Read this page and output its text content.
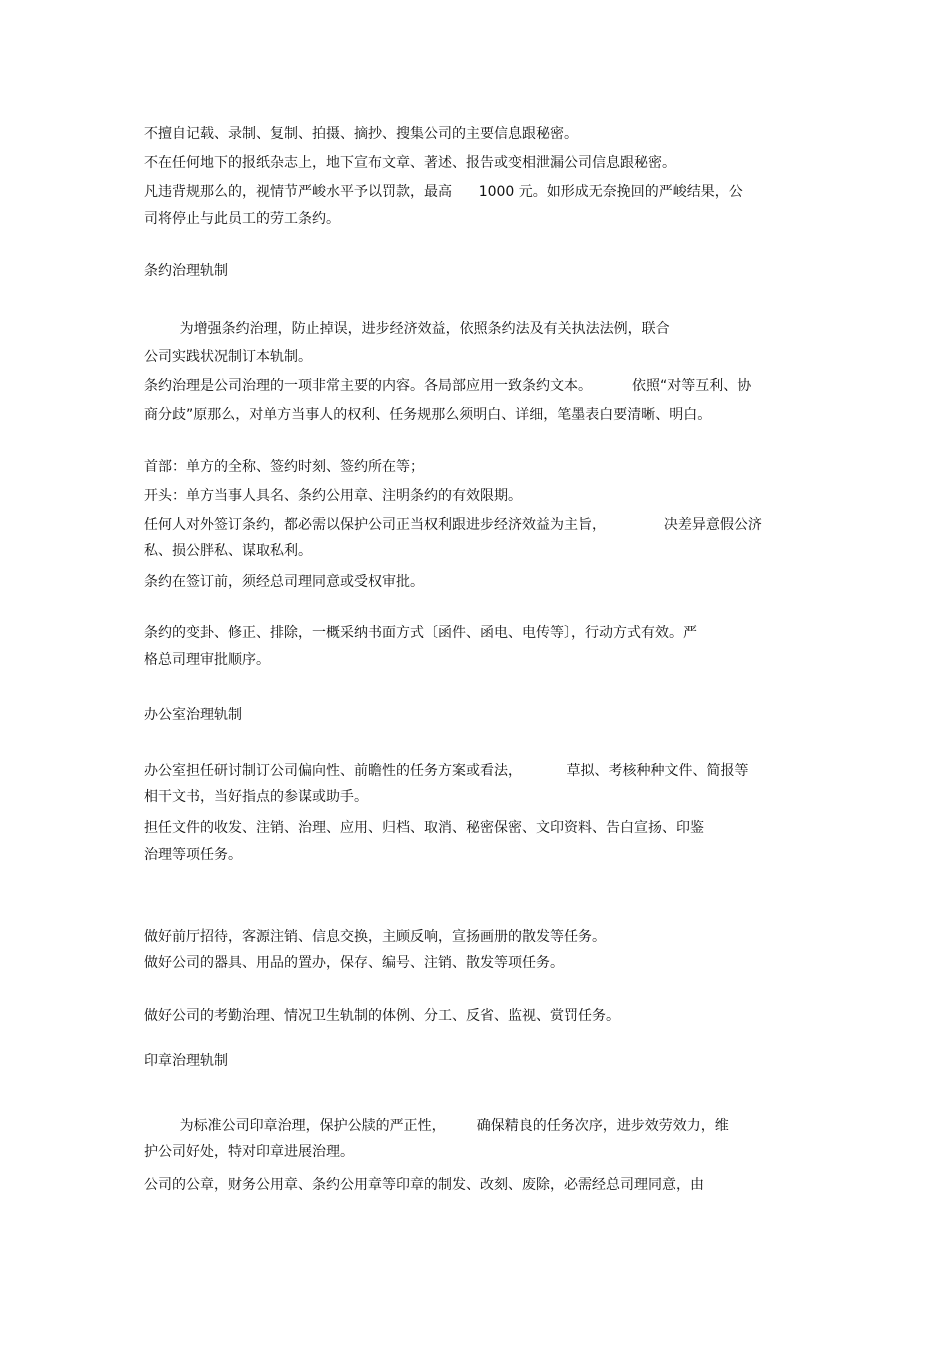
不擅自记载、录制、复制、拍摄、摘抄、搜集公司的主要信息跟秘密。
不在任何地下的报纸杂志上，地下宣布文章、著述、报告或变相泄漏公司信息跟秘密。
凡违背规那么的，视情节严峻水平予以罚款，最高      1000 元。如形成无奈挽回的严峻结果，公
司将停止与此员工的劳工条约。
条约治理轨制
为增强条约治理，防止掉误，进步经济效益，依照条约法及有关执法法例，联合
公司实践状况制订本轨制。
条约治理是公司治理的一项非常主要的内容。各局部应用一致条约文本。         依照“对等互利、协
商分歧”原那么，对单方当事人的权利、任务规那么须明白、详细，笔墨表白要清晰、明白。
首部：单方的全称、签约时刻、签约所在等；
开头：单方当事人具名、条约公用章、注明条约的有效限期。
任何人对外签订条约，都必需以保护公司正当权利跟进步经济效益为主旨，             决差异意假公济
私、损公胖私、谋取私利。
条约在签订前，须经总司理同意或受权审批。
条约的变卦、修正、排除，一概采纳书面方式〔函件、函电、电传等〕，行动方式有效。严
格总司理审批顺序。
办公室治理轨制
办公室担任研讨制订公司偏向性、前瞻性的任务方案或看法，          草拟、考核种种文件、简报等
相干文书，当好指点的参谋或助手。
担任文件的收发、注销、治理、应用、归档、取消、秘密保密、文印资料、告白宣扬、印鉴
治理等项任务。
做好前厅招待，客源注销、信息交换，主顾反响，宣扬画册的散发等任务。
做好公司的器具、用品的置办，保存、编号、注销、散发等项任务。
做好公司的考勤治理、情况卫生轨制的体例、分工、反省、监视、赏罚任务。
印章治理轨制
为标准公司印章治理，保护公牍的严正性，       确保精良的任务次序，进步效劳效力，维
护公司好处，特对印章进展治理。
公司的公章，财务公用章、条约公用章等印章的制发、改刻、废除，必需经总司理同意，由
